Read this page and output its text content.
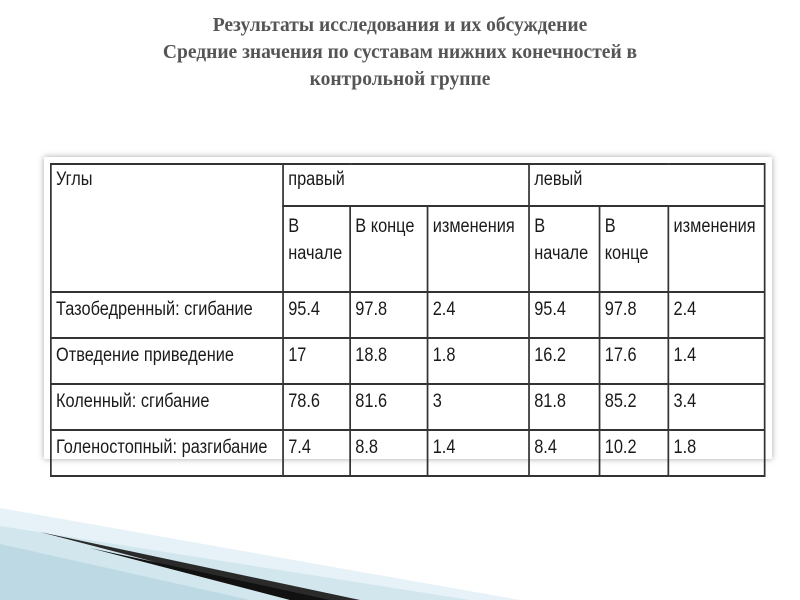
Результаты исследования и их обсуждение
Средние значения по суставам нижних конечностей в
контрольной группе
Углы	правый			левый		
	В начале	В конце	изменения	В начале	В конце	изменения
Тазобедренный: сгибание	95.4	97.8	2.4	95.4	97.8	2.4
Отведение приведение	17	18.8	1.8	16.2	17.6	1.4
Коленный: сгибание	78.6	81.6	3	81.8	85.2	3.4
Голеностопный: разгибание	7.4	8.8	1.4	8.4	10.2	1.8
